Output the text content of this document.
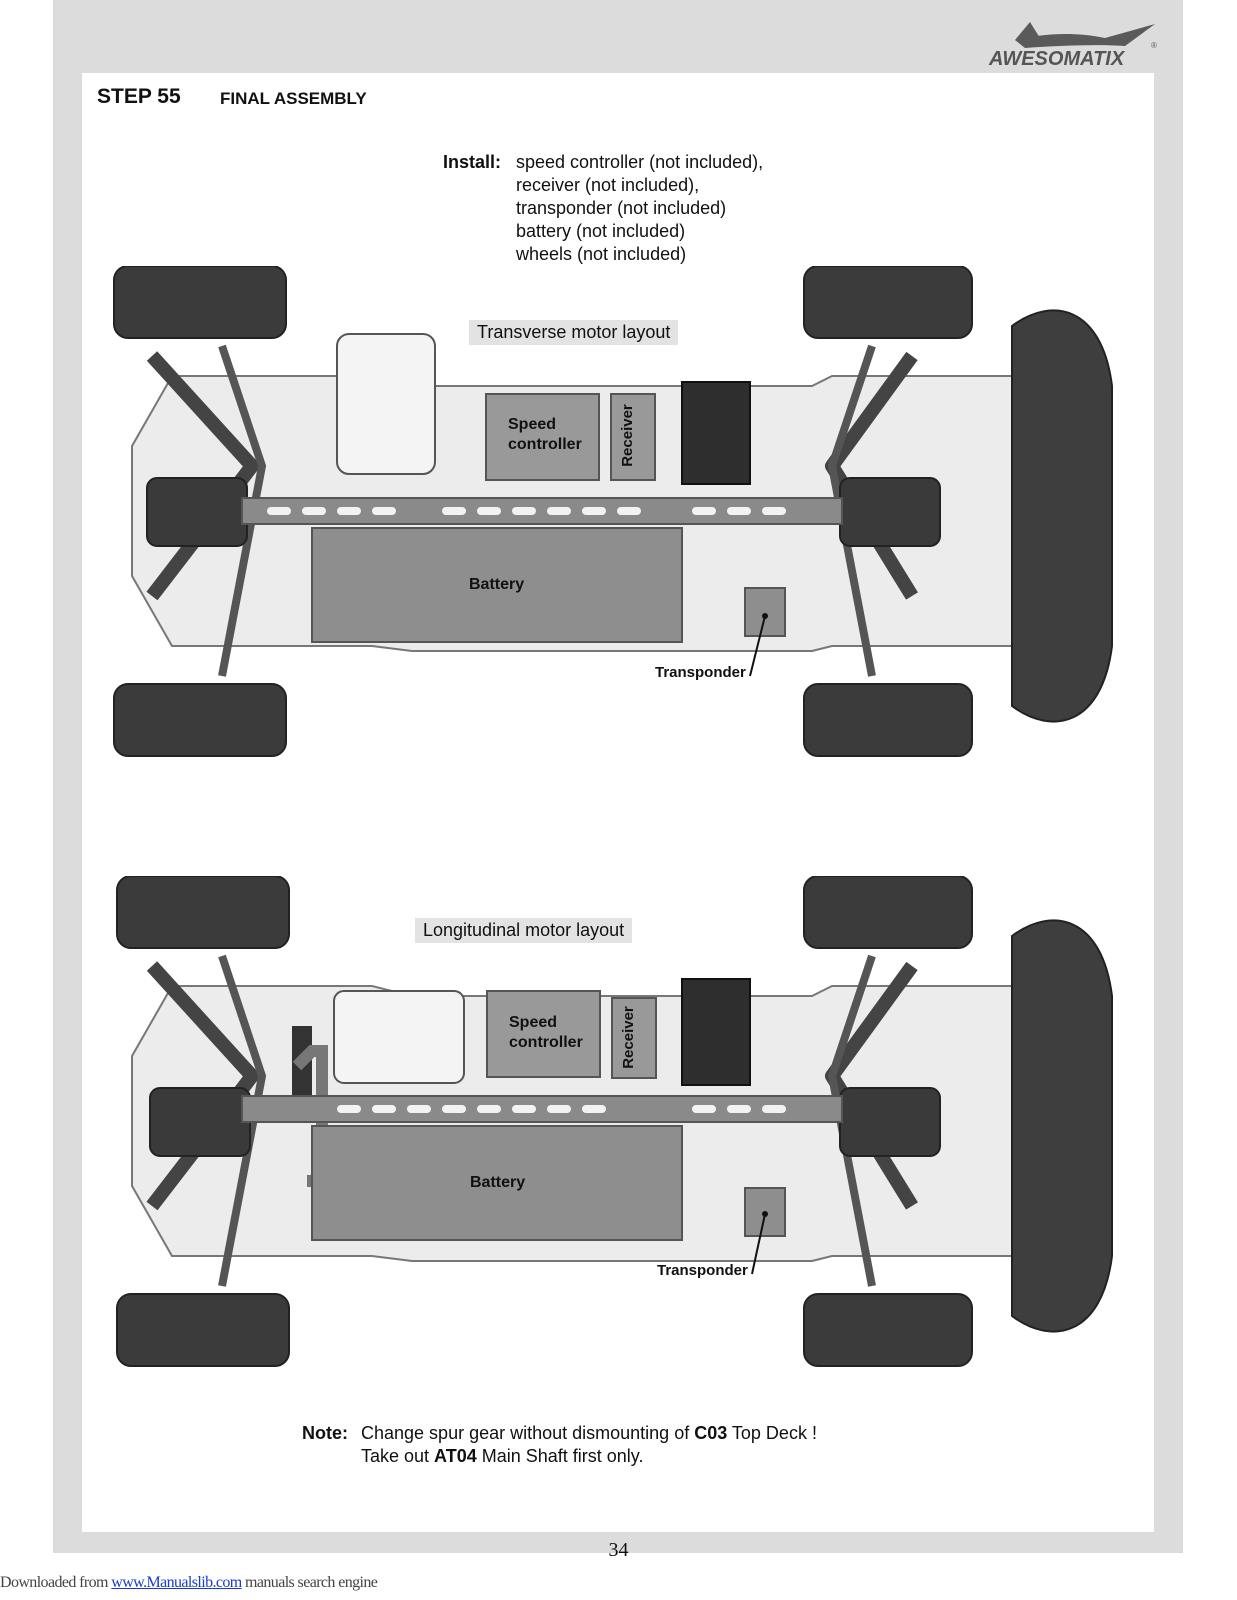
AWESOMATIX
®
STEP 55 FINAL ASSEMBLY
Install: speed controller (not included),
receiver (not included),
transponder (not included)
battery (not included)
wheels (not included)
Transverse motor layout
Speed
controller Receiver
Battery
Transponder
Longitudinal motor layout
Speed
controller Receiver
Battery
Transponder
Note: Change spur gear without dismounting of C03 Top Deck !
Take out AT04 Main Shaft first only.
34
Downloaded from www.Manualslib.com manuals search engine
